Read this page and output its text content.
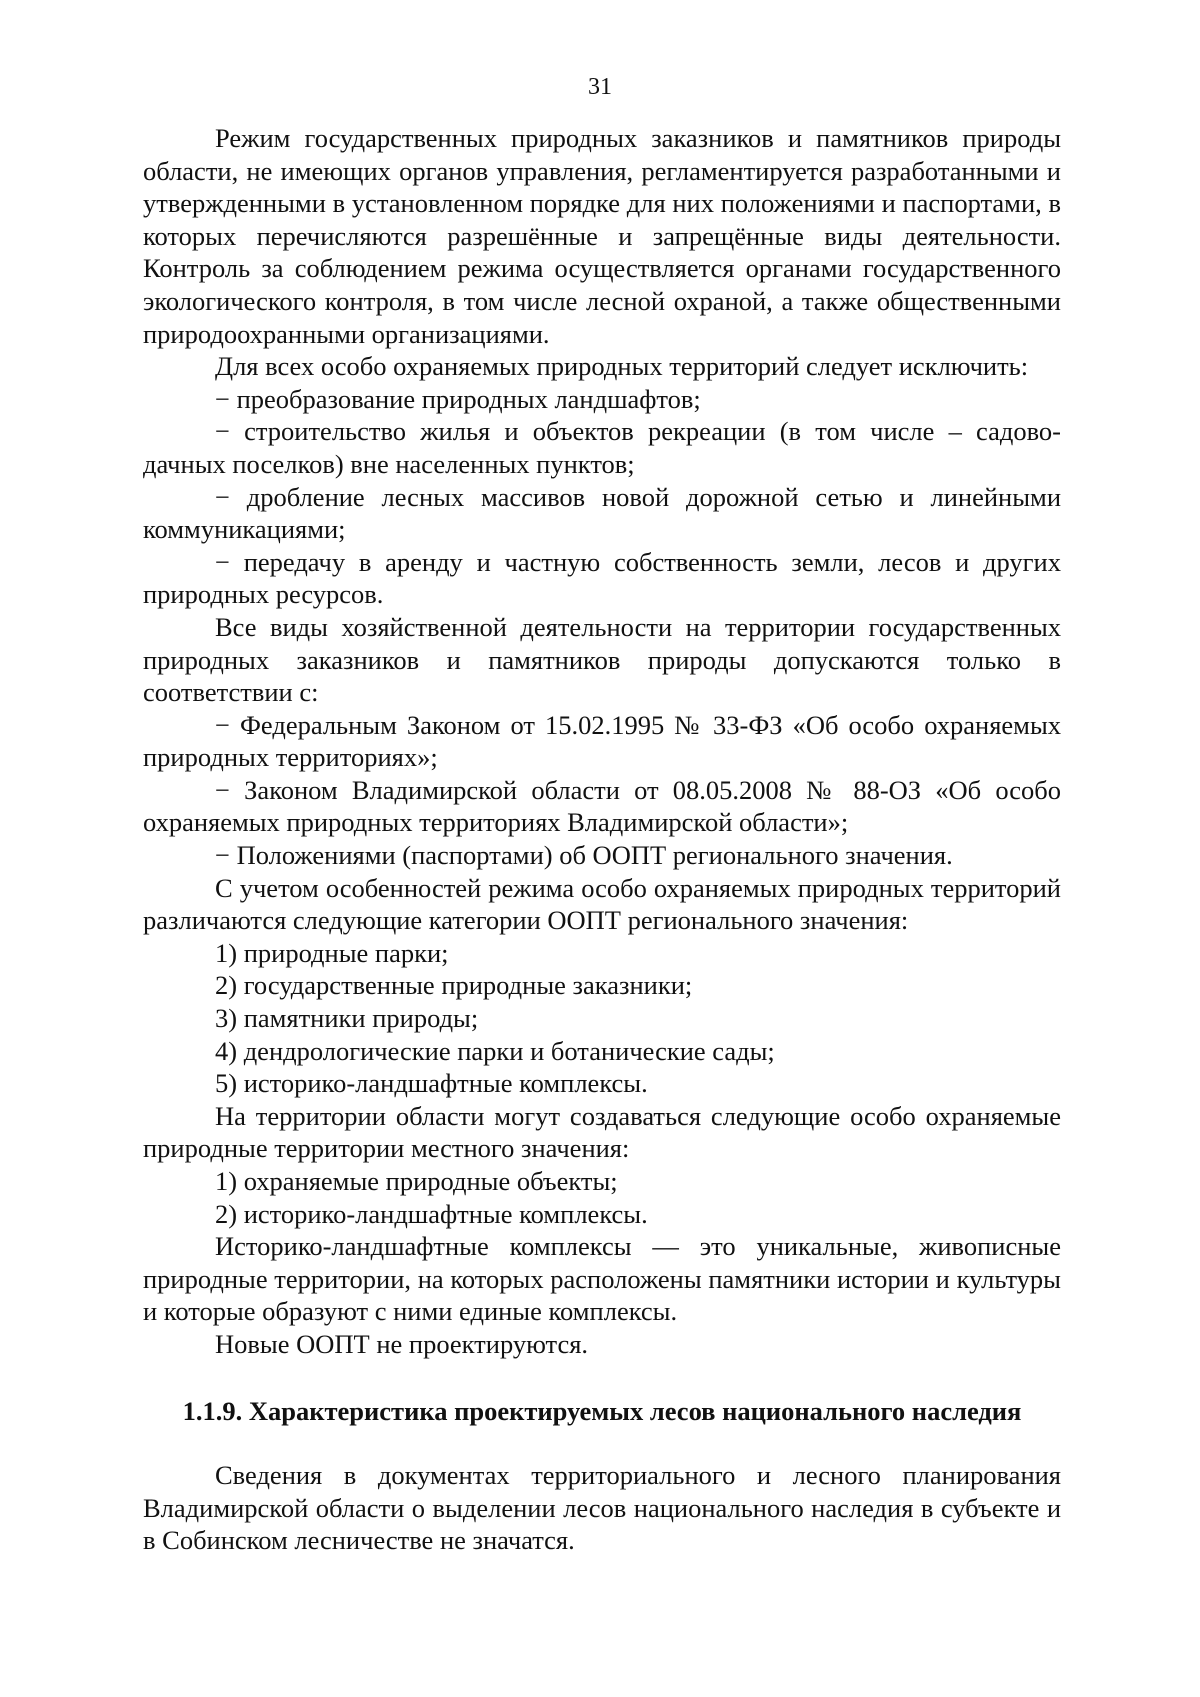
31

Режим государственных природных заказников и памятников природы области, не имеющих органов управления, регламентируется разработанными и утвержденными в установленном порядке для них положениями и паспортами, в которых перечисляются разрешённые и запрещённые виды деятельности. Контроль за соблюдением режима осуществляется органами государственного экологического контроля, в том числе лесной охраной, а также общественными природоохранными организациями.

Для всех особо охраняемых природных территорий следует исключить:

− преобразование природных ландшафтов;

− строительство жилья и объектов рекреации (в том числе – садово-дачных поселков) вне населенных пунктов;

− дробление лесных массивов новой дорожной сетью и линейными коммуникациями;

− передачу в аренду и частную собственность земли, лесов и других природных ресурсов.

Все виды хозяйственной деятельности на территории государственных природных заказников и памятников природы допускаются только в соответствии с:

− Федеральным Законом от 15.02.1995 № 33-ФЗ «Об особо охраняемых природных территориях»;

− Законом Владимирской области от 08.05.2008 № 88-ОЗ «Об особо охраняемых природных территориях Владимирской области»;

− Положениями (паспортами) об ООПТ регионального значения.

С учетом особенностей режима особо охраняемых природных территорий различаются следующие категории ООПТ регионального значения:

1) природные парки;

2) государственные природные заказники;

3) памятники природы;

4) дендрологические парки и ботанические сады;

5) историко-ландшафтные комплексы.

На территории области могут создаваться следующие особо охраняемые природные территории местного значения:

1) охраняемые природные объекты;

2) историко-ландшафтные комплексы.

Историко-ландшафтные комплексы — это уникальные, живописные природные территории, на которых расположены памятники истории и культуры и которые образуют с ними единые комплексы.

Новые ООПТ не проектируются.

1.1.9. Характеристика проектируемых лесов национального наследия

Сведения в документах территориального и лесного планирования Владимирской области о выделении лесов национального наследия в субъекте и в Собинском лесничестве не значатся.
